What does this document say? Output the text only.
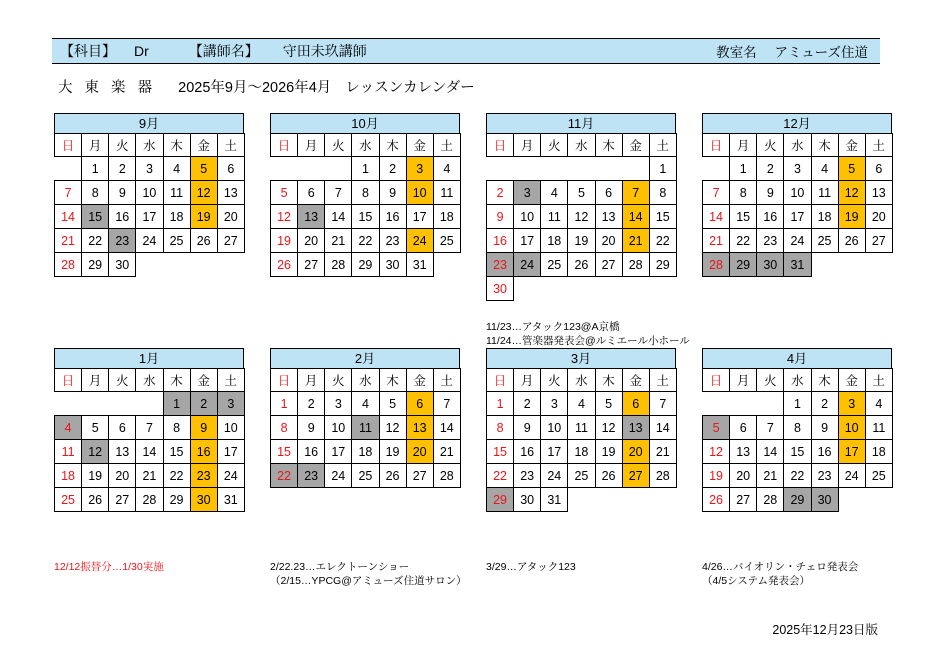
【科目】 Dr	【講師名】 守田未玖講師	教室名 アミューズ住道
大 東 楽 器 2025年9月～2026年4月 レッスンカレンダー
9月
日	月	火	水	木	金	土
	1	2	3	4	5	6
7	8	9	10	11	12	13
14	15	16	17	18	19	20
21	22	23	24	25	26	27
28	29	30				
10月
日	月	火	水	木	金	土
			1	2	3	4
5	6	7	8	9	10	11
12	13	14	15	16	17	18
19	20	21	22	23	24	25
26	27	28	29	30	31	
11月
日	月	火	水	木	金	土
						1
2	3	4	5	6	7	8
9	10	11	12	13	14	15
16	17	18	19	20	21	22
23	24	25	26	27	28	29
30						
11/23…アタック123@A京橋
11/24…管楽器発表会@ルミエール小ホール
12月
日	月	火	水	木	金	土
	1	2	3	4	5	6
7	8	9	10	11	12	13
14	15	16	17	18	19	20
21	22	23	24	25	26	27
28	29	30	31			
1月
日	月	火	水	木	金	土
				1	2	3
4	5	6	7	8	9	10
11	12	13	14	15	16	17
18	19	20	21	22	23	24
25	26	27	28	29	30	31
12/12振替分…1/30実施
2月
日	月	火	水	木	金	土
1	2	3	4	5	6	7
8	9	10	11	12	13	14
15	16	17	18	19	20	21
22	23	24	25	26	27	28
2/22.23…エレクトーンショー
（2/15…YPCG@アミューズ住道サロン）
3月
日	月	火	水	木	金	土
1	2	3	4	5	6	7
8	9	10	11	12	13	14
15	16	17	18	19	20	21
22	23	24	25	26	27	28
29	30	31				
3/29…アタック123
4月
日	月	火	水	木	金	土
			1	2	3	4
5	6	7	8	9	10	11
12	13	14	15	16	17	18
19	20	21	22	23	24	25
26	27	28	29	30		
4/26…バイオリン・チェロ発表会
（4/5システム発表会）
2025年12月23日版
